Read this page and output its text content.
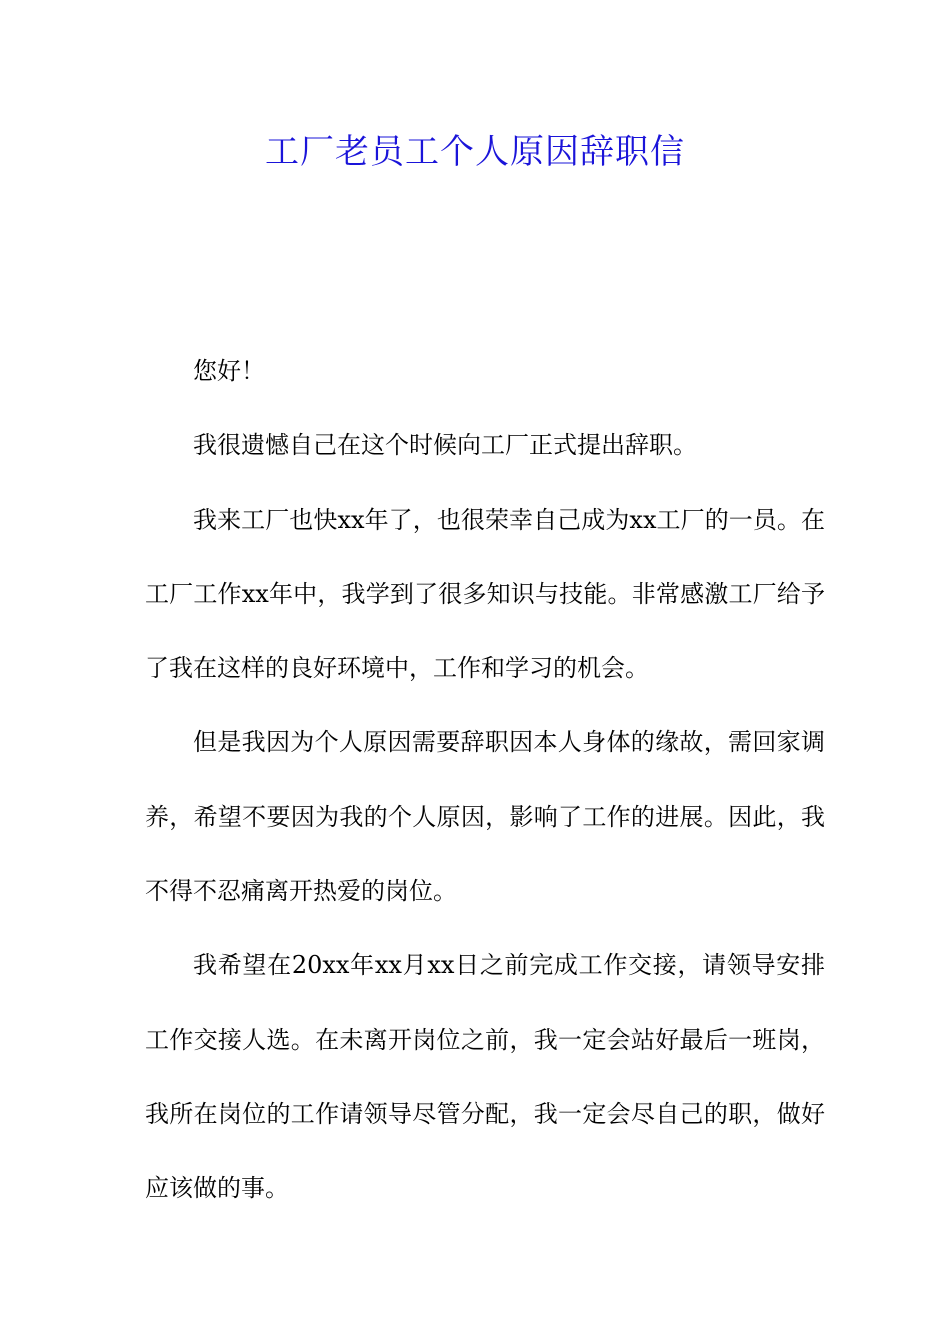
工厂老员工个人原因辞职信

您好！

我很遗憾自己在这个时候向工厂正式提出辞职。

我来工厂也快xx年了，也很荣幸自己成为xx工厂的一员。在工厂工作xx年中，我学到了很多知识与技能。非常感激工厂给予了我在这样的良好环境中，工作和学习的机会。

但是我因为个人原因需要辞职因本人身体的缘故，需回家调养，希望不要因为我的个人原因，影响了工作的进展。因此，我不得不忍痛离开热爱的岗位。

我希望在20xx年xx月xx日之前完成工作交接，请领导安排工作交接人选。在未离开岗位之前，我一定会站好最后一班岗，我所在岗位的工作请领导尽管分配，我一定会尽自己的职，做好应该做的事。
